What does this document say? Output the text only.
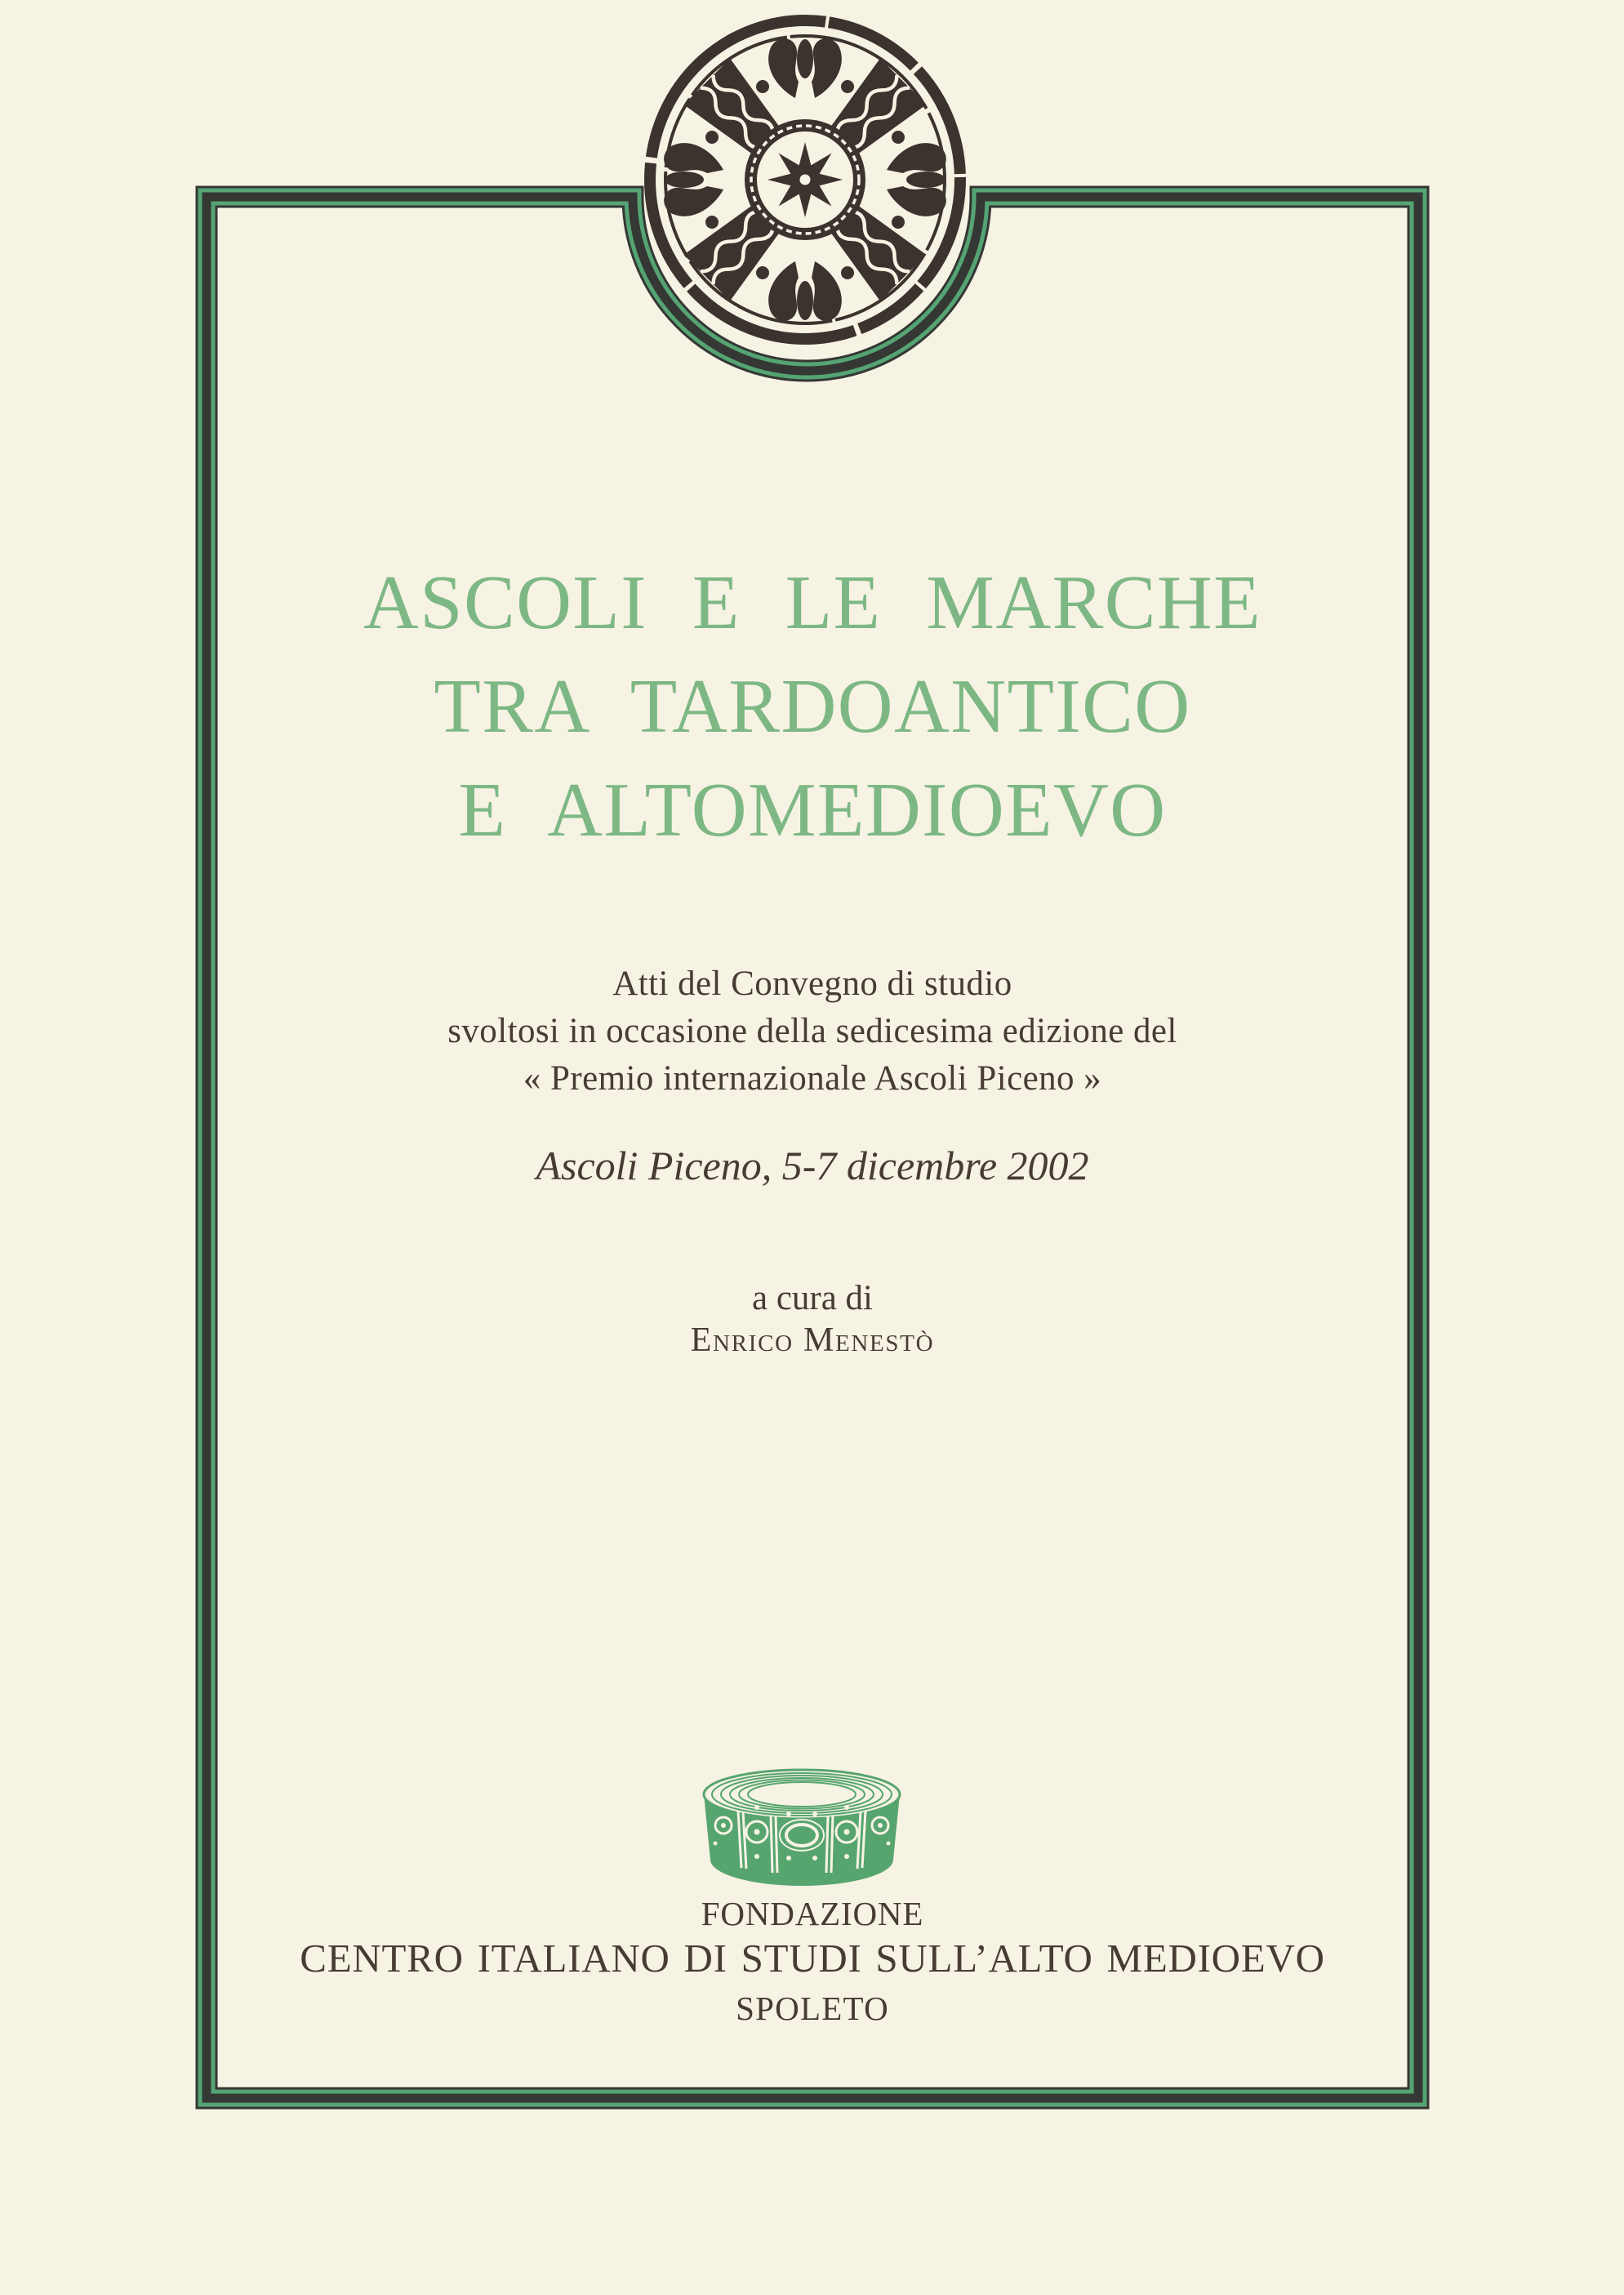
ASCOLI E LE MARCHE
TRA TARDOANTICO
E ALTOMEDIOEVO
Atti del Convegno di studio
svoltosi in occasione della sedicesima edizione del
« Premio internazionale Ascoli Piceno »
Ascoli Piceno, 5-7 dicembre 2002
a cura di
Enrico Menestò
FONDAZIONE
CENTRO ITALIANO DI STUDI SULL’ALTO MEDIOEVO
SPOLETO
